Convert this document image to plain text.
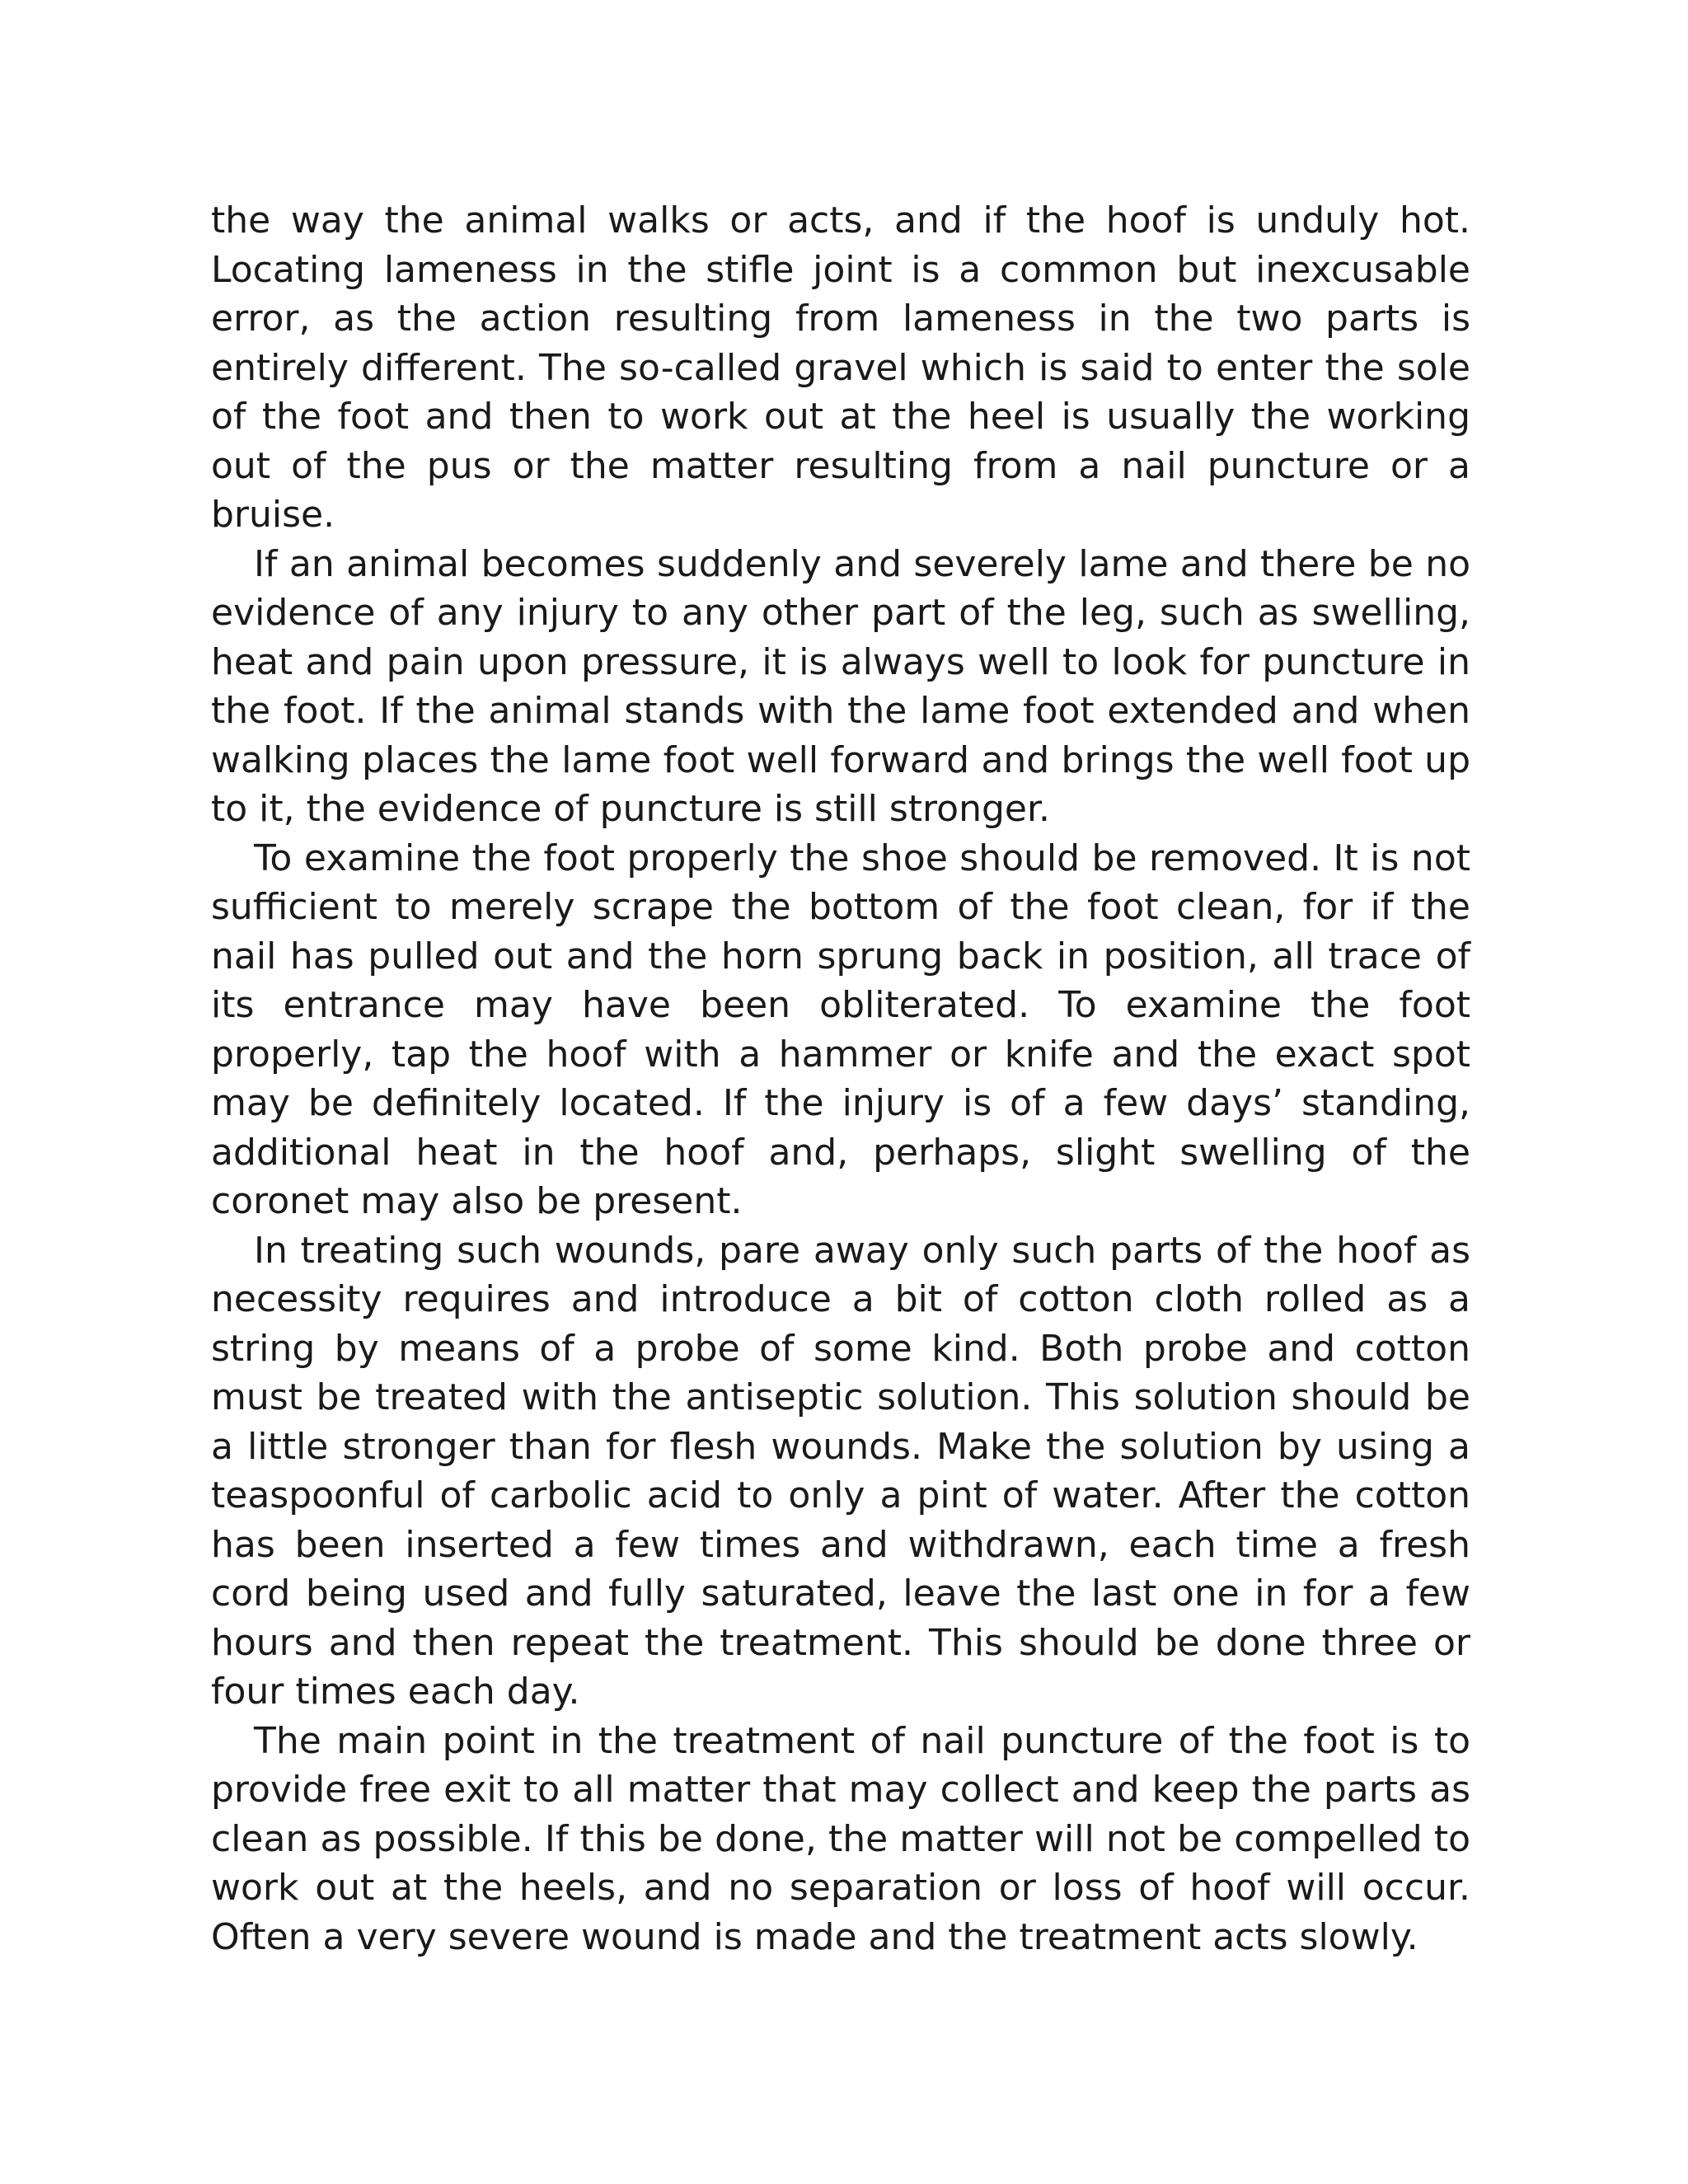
the way the animal walks or acts, and if the hoof is unduly hot. Locating lameness in the stifle joint is a common but inexcusable error, as the action resulting from lameness in the two parts is entirely different. The so-called gravel which is said to enter the sole of the foot and then to work out at the heel is usually the working out of the pus or the matter resulting from a nail puncture or a bruise.

If an animal becomes suddenly and severely lame and there be no evidence of any injury to any other part of the leg, such as swelling, heat and pain upon pressure, it is always well to look for puncture in the foot. If the animal stands with the lame foot extended and when walking places the lame foot well forward and brings the well foot up to it, the evidence of puncture is still stronger.

To examine the foot properly the shoe should be removed. It is not sufficient to merely scrape the bottom of the foot clean, for if the nail has pulled out and the horn sprung back in position, all trace of its entrance may have been obliterated. To examine the foot properly, tap the hoof with a hammer or knife and the exact spot may be definitely located. If the injury is of a few days’ standing, additional heat in the hoof and, perhaps, slight swelling of the coronet may also be present.

In treating such wounds, pare away only such parts of the hoof as necessity requires and introduce a bit of cotton cloth rolled as a string by means of a probe of some kind. Both probe and cotton must be treated with the antiseptic solution. This solution should be a little stronger than for flesh wounds. Make the solution by using a teaspoonful of carbolic acid to only a pint of water. After the cotton has been inserted a few times and withdrawn, each time a fresh cord being used and fully saturated, leave the last one in for a few hours and then repeat the treatment. This should be done three or four times each day.

The main point in the treatment of nail puncture of the foot is to provide free exit to all matter that may collect and keep the parts as clean as possible. If this be done, the matter will not be compelled to work out at the heels, and no separation or loss of hoof will occur. Often a very severe wound is made and the treatment acts slowly.
